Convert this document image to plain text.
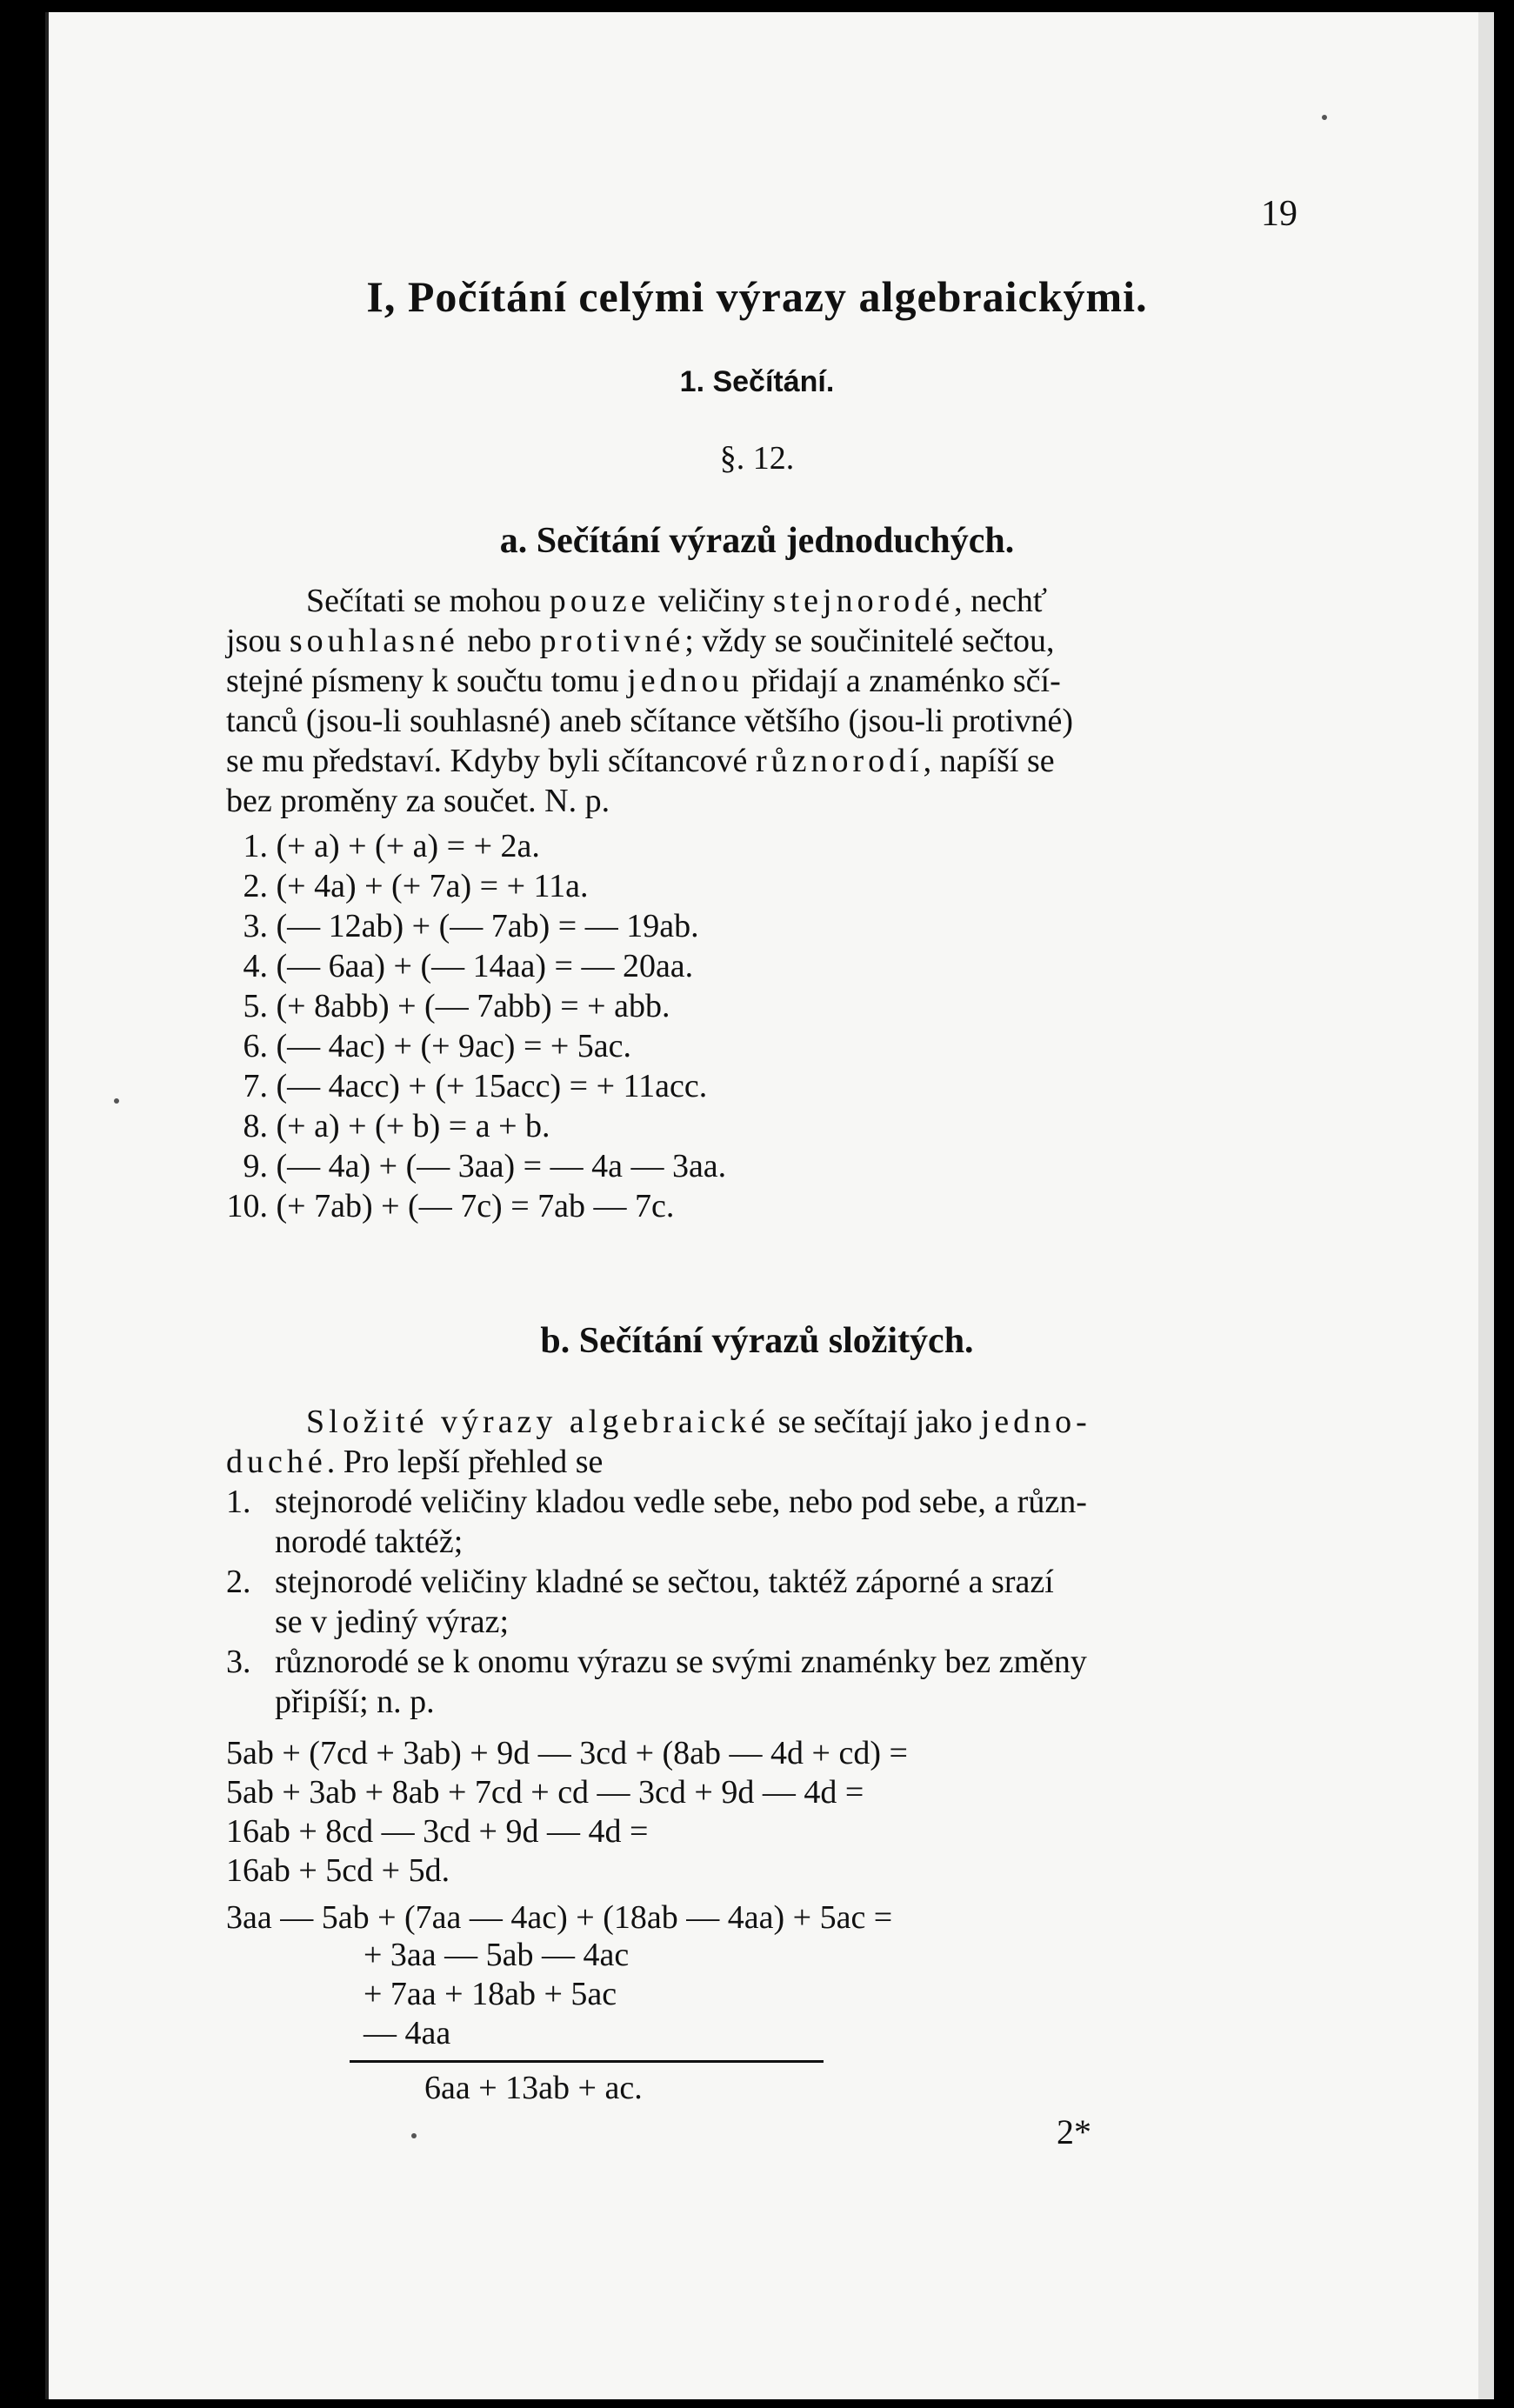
19
I, Počítání celými výrazy algebraickými.
1. Sečítání.
§. 12.
a. Sečítání výrazů jednoduchých.
Sečítati se mohou pouze veličiny stejnorodé, nechť
jsou souhlasné nebo protivné; vždy se součinitelé sečtou,
stejné písmeny k součtu tomu jednou přidají a znaménko sčí-
tanců (jsou-li souhlasné) aneb sčítance většího (jsou-li protivné)
se mu představí. Kdyby byli sčítancové různorodí, napíší se
bez proměny za součet. N. p.
1. (+ a) + (+ a) = + 2a.
2. (+ 4a) + (+ 7a) = + 11a.
3. (— 12ab) + (— 7ab) = — 19ab.
4. (— 6aa) + (— 14aa) = — 20aa.
5. (+ 8abb) + (— 7abb) = + abb.
6. (— 4ac) + (+ 9ac) = + 5ac.
7. (— 4acc) + (+ 15acc) = + 11acc.
8. (+ a) + (+ b) = a + b.
9. (— 4a) + (— 3aa) = — 4a — 3aa.
10. (+ 7ab) + (— 7c) = 7ab — 7c.
b. Sečítání výrazů složitých.
Složité výrazy algebraické se sečítají jako jedno-
duché. Pro lepší přehled se
1. stejnorodé veličiny kladou vedle sebe, nebo pod sebe, a různ-
norodé taktéž;
2. stejnorodé veličiny kladné se sečtou, taktéž záporné a srazí
se v jediný výraz;
3. různorodé se k onomu výrazu se svými znaménky bez změny
připíší; n. p.
5ab + (7cd + 3ab) + 9d — 3cd + (8ab — 4d + cd) =
5ab + 3ab + 8ab + 7cd + cd — 3cd + 9d — 4d =
16ab + 8cd — 3cd + 9d — 4d =
16ab + 5cd + 5d.
3aa — 5ab + (7aa — 4ac) + (18ab — 4aa) + 5ac =
+ 3aa — 5ab — 4ac
+ 7aa + 18ab + 5ac
— 4aa
6aa + 13ab + ac.
2*
